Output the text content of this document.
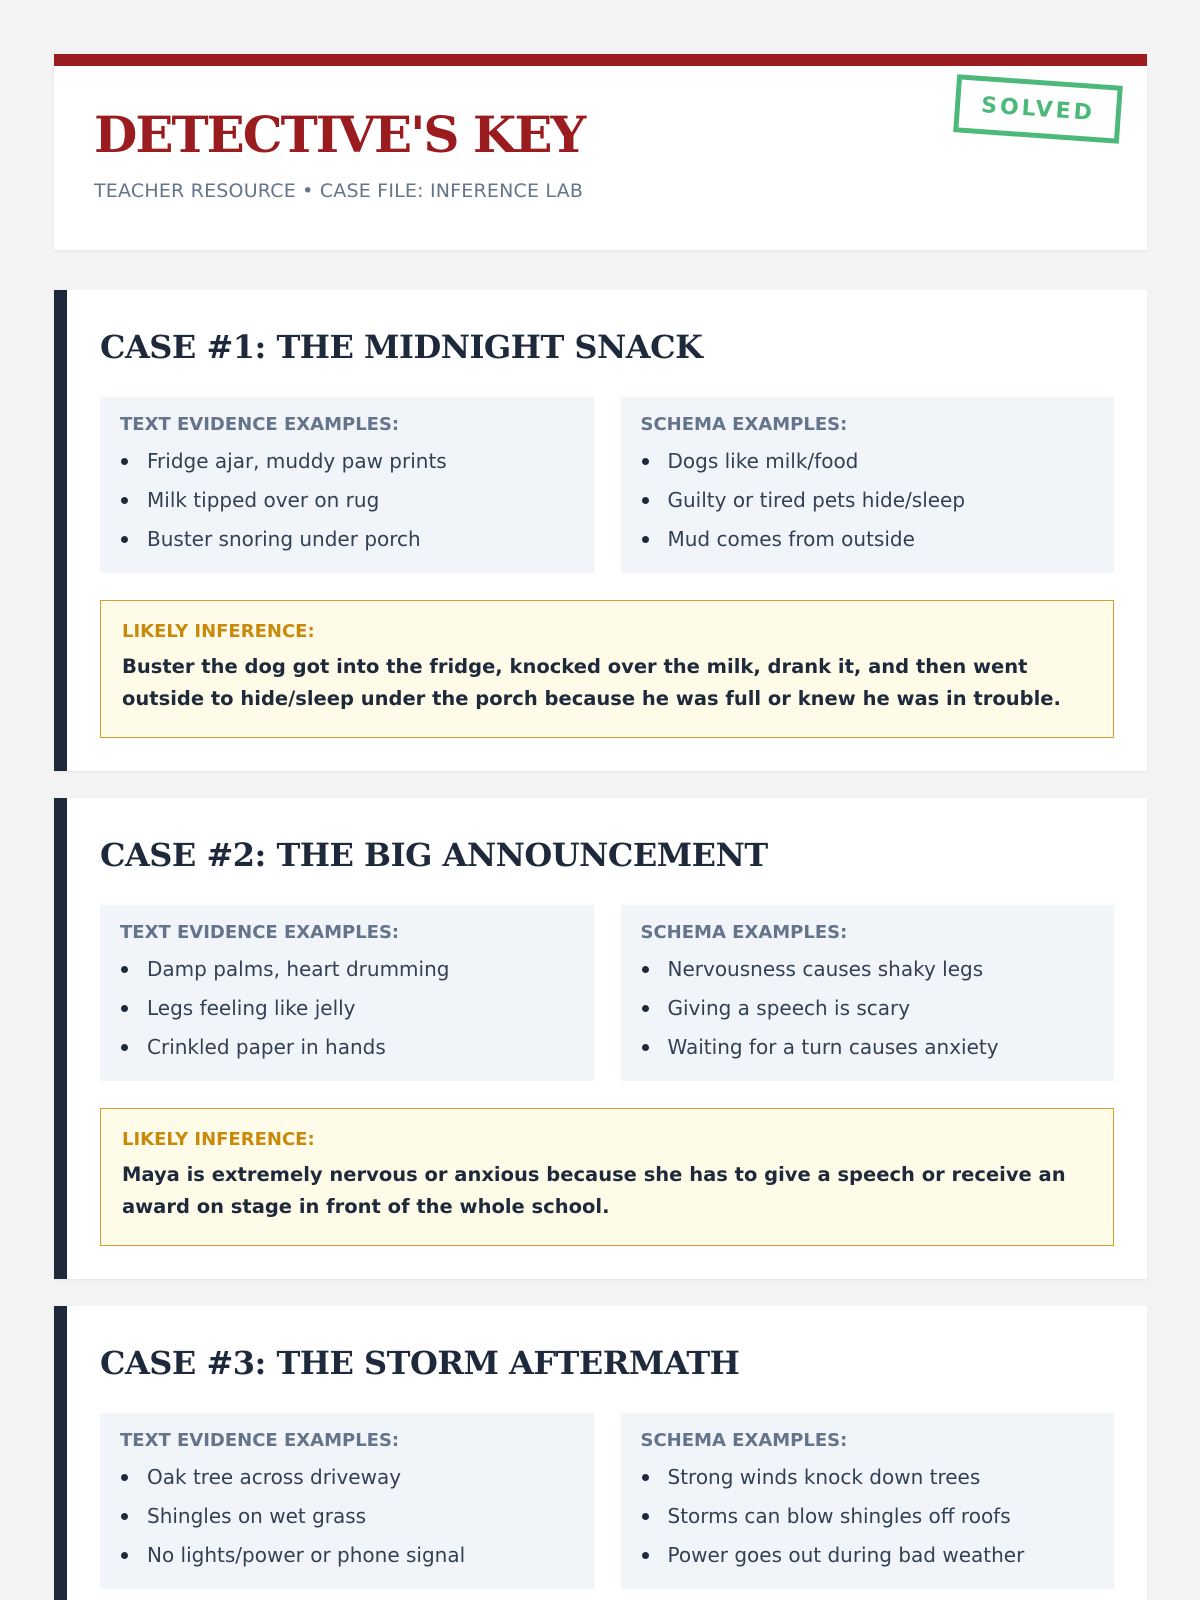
DETECTIVE'S KEY
TEACHER RESOURCE • CASE FILE: INFERENCE LAB
SOLVED
CASE #1: THE MIDNIGHT SNACK
TEXT EVIDENCE EXAMPLES:
Fridge ajar, muddy paw prints
Milk tipped over on rug
Buster snoring under porch
SCHEMA EXAMPLES:
Dogs like milk/food
Guilty or tired pets hide/sleep
Mud comes from outside
LIKELY INFERENCE:
Buster the dog got into the fridge, knocked over the milk, drank it, and then went outside to hide/sleep under the porch because he was full or knew he was in trouble.
CASE #2: THE BIG ANNOUNCEMENT
TEXT EVIDENCE EXAMPLES:
Damp palms, heart drumming
Legs feeling like jelly
Crinkled paper in hands
SCHEMA EXAMPLES:
Nervousness causes shaky legs
Giving a speech is scary
Waiting for a turn causes anxiety
LIKELY INFERENCE:
Maya is extremely nervous or anxious because she has to give a speech or receive an award on stage in front of the whole school.
CASE #3: THE STORM AFTERMATH
TEXT EVIDENCE EXAMPLES:
Oak tree across driveway
Shingles on wet grass
No lights/power or phone signal
SCHEMA EXAMPLES:
Strong winds knock down trees
Storms can blow shingles off roofs
Power goes out during bad weather
